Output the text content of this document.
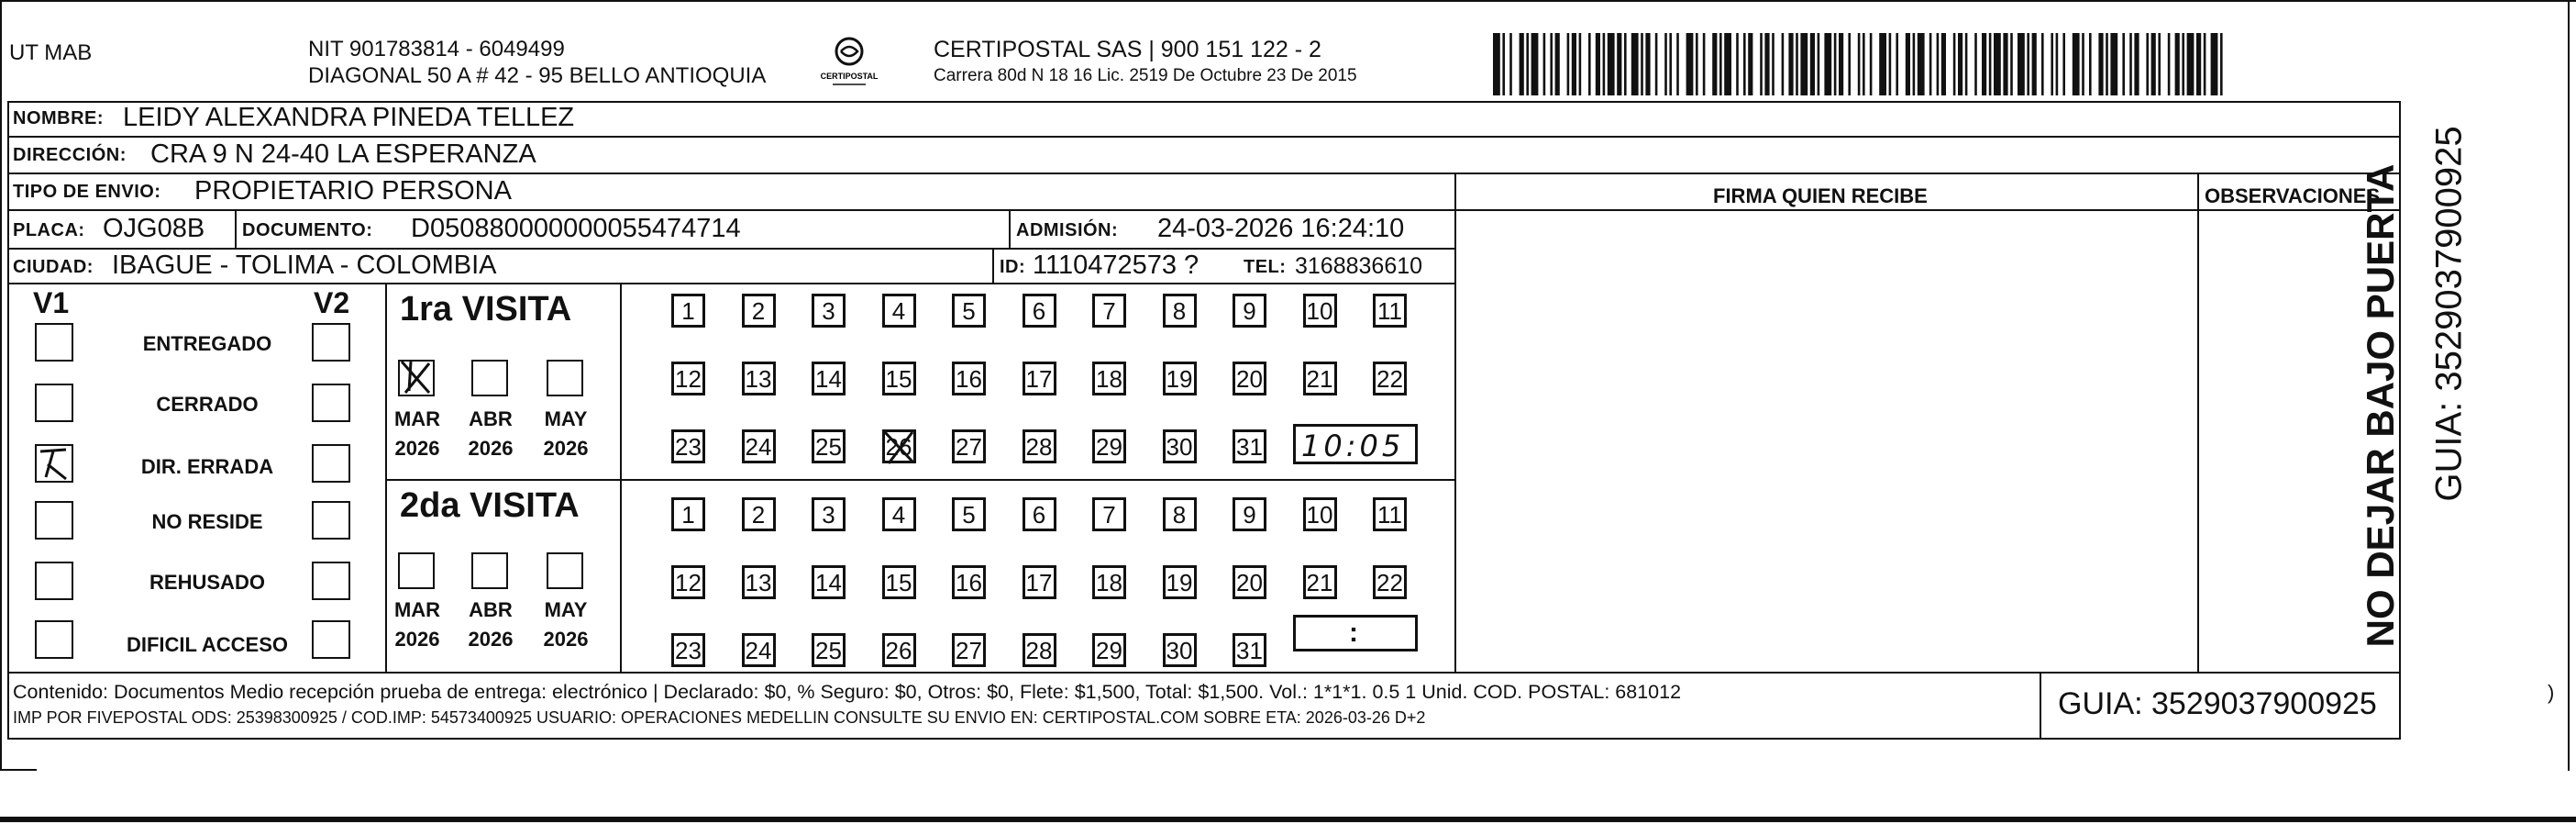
UT MAB	NIT 901783814 - 6049499
DIAGONAL 50 A # 42 - 95 BELLO ANTIOQUIA	CERTIPOSTAL
CERTIPOSTAL SAS | 900 151 122 - 2
Carrera 80d N 18 16 Lic. 2519 De Octubre 23 De 2015
NOMBRE: LEIDY ALEXANDRA PINEDA TELLEZ
DIRECCIÓN: CRA 9 N 24-40 LA ESPERANZA
TIPO DE ENVIO: PROPIETARIO PERSONA
PLACA: OJG08B DOCUMENTO: D050880000000055474714	ADMISIÓN: 24-03-2026 16:24:10
CIUDAD: IBAGUE - TOLIMA - COLOMBIA	ID: 1110472573 ? TEL: 3168836610
FIRMA QUIEN RECIBE	OBSERVACIONES
NO DEJAR BAJO PUERTA GUIA: 3529037900925
V1	V2
ENTREGADO
CERRADO
DIR. ERRADA
NO RESIDE
REHUSADO
DIFICIL ACCESO
1ra VISITA
MAR	ABR	MAY
2026 2026 2026
2da VISITA
MAR	ABR	MAY
2026 2026 2026
1	2	3	4	5	6	7	8	9	10 11
12 13 14 15 16 17 18 19 20 21 22
23 24 25 26 27 28 29 30 31
1	2	3	4	5	6	7	8	9	10 11
12 13 14 15 16 17 18 19 20 21 22
23 24 25 26 27 28 29 30 31
10:05
:
Contenido: Documentos Medio recepción prueba de entrega: electrónico | Declarado: $0, % Seguro: $0, Otros: $0, Flete: $1,500, Total: $1,500. Vol.: 1*1*1. 0.5 1 Unid. COD. POSTAL: 681012
IMP POR FIVEPOSTAL ODS: 25398300925 / COD.IMP: 54573400925 USUARIO: OPERACIONES MEDELLIN CONSULTE SU ENVIO EN: CERTIPOSTAL.COM SOBRE ETA: 2026-03-26 D+2	GUIA: 3529037900925	)
